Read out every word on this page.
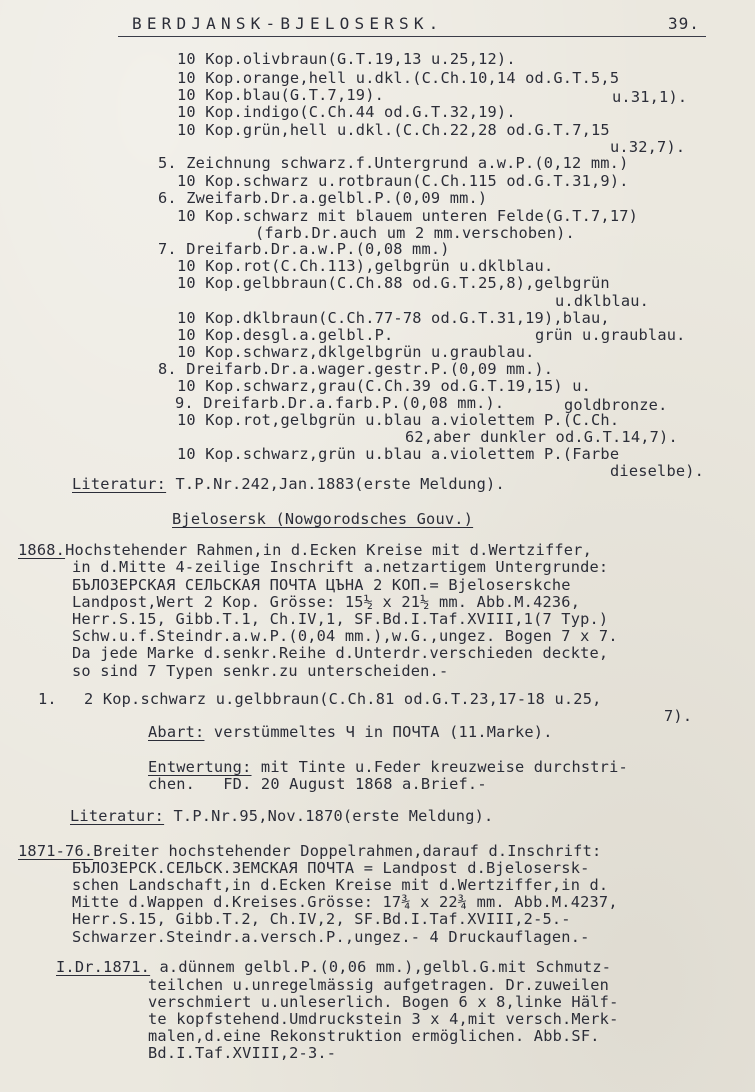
BERDJANSK-BJELOSERSK.	39.
10 Kop.olivbraun(G.T.19,13 u.25,12).
10 Kop.orange,hell u.dkl.(C.Ch.10,14 od.G.T.5,5
10 Kop.blau(G.T.7,19).	u.31,1).
10 Kop.indigo(C.Ch.44 od.G.T.32,19).
10 Kop.grün,hell u.dkl.(C.Ch.22,28 od.G.T.7,15
u.32,7).
5. Zeichnung schwarz.f.Untergrund a.w.P.(0,12 mm.)
10 Kop.schwarz u.rotbraun(C.Ch.115 od.G.T.31,9).
6. Zweifarb.Dr.a.gelbl.P.(0,09 mm.)
10 Kop.schwarz mit blauem unteren Felde(G.T.7,17)
(farb.Dr.auch um 2 mm.verschoben).
7. Dreifarb.Dr.a.w.P.(0,08 mm.)
10 Kop.rot(C.Ch.113),gelbgrün u.dklblau.
10 Kop.gelbbraun(C.Ch.88 od.G.T.25,8),gelbgrün
u.dklblau.
10 Kop.dklbraun(C.Ch.77-78 od.G.T.31,19),blau,
10 Kop.desgl.a.gelbl.P.	grün u.graublau.
10 Kop.schwarz,dklgelbgrün u.graublau.
8. Dreifarb.Dr.a.wager.gestr.P.(0,09 mm.).
10 Kop.schwarz,grau(C.Ch.39 od.G.T.19,15) u.
9. Dreifarb.Dr.a.farb.P.(0,08 mm.).	goldbronze.
10 Kop.rot,gelbgrün u.blau a.violettem P.(C.Ch.
62,aber dunkler od.G.T.14,7).
10 Kop.schwarz,grün u.blau a.violettem P.(Farbe
dieselbe).
Literatur: T.P.Nr.242,Jan.1883(erste Meldung).
Bjelosersk (Nowgorodsches Gouv.)
1868.Hochstehender Rahmen,in d.Ecken Kreise mit d.Wertziffer,
in d.Mitte 4-zeilige Inschrift a.netzartigem Untergrunde:
БЪЛОЗЕРСКАЯ СЕЛЬСКАЯ ПОЧТА ЦЪНА 2 КОП.= Bjeloserskche
Landpost,Wert 2 Kop. Grösse: 15½ x 21½ mm. Abb.M.4236,
Herr.S.15, Gibb.T.1, Ch.IV,1, SF.Bd.I.Taf.XVIII,1(7 Typ.)
Schw.u.f.Steindr.a.w.P.(0,04 mm.),w.G.,ungez. Bogen 7 x 7.
Da jede Marke d.senkr.Reihe d.Unterdr.verschieden deckte,
so sind 7 Typen senkr.zu unterscheiden.-
1. 2 Kop.schwarz u.gelbbraun(C.Ch.81 od.G.T.23,17-18 u.25,
7).
Abart: verstümmeltes Ч in ПОЧТА (11.Marke).
Entwertung: mit Tinte u.Feder kreuzweise durchstri-
chen.   FD. 20 August 1868 a.Brief.-
Literatur: T.P.Nr.95,Nov.1870(erste Meldung).
1871-76.Breiter hochstehender Doppelrahmen,darauf d.Inschrift:
БЪЛОЗЕРСК.СЕЛЬСК.ЗЕМСКАЯ ПОЧТА = Landpost d.Bjelosersk-
schen Landschaft,in d.Ecken Kreise mit d.Wertziffer,in d.
Mitte d.Wappen d.Kreises.Grösse: 17¾ x 22¾ mm. Abb.M.4237,
Herr.S.15, Gibb.T.2, Ch.IV,2, SF.Bd.I.Taf.XVIII,2-5.-
Schwarzer.Steindr.a.versch.P.,ungez.- 4 Druckauflagen.-
I.Dr.1871. a.dünnem gelbl.P.(0,06 mm.),gelbl.G.mit Schmutz-
teilchen u.unregelmässig aufgetragen. Dr.zuweilen
verschmiert u.unleserlich. Bogen 6 x 8,linke Hälf-
te kopfstehend.Umdruckstein 3 x 4,mit versch.Merk-
malen,d.eine Rekonstruktion ermöglichen. Abb.SF.
Bd.I.Taf.XVIII,2-3.-
